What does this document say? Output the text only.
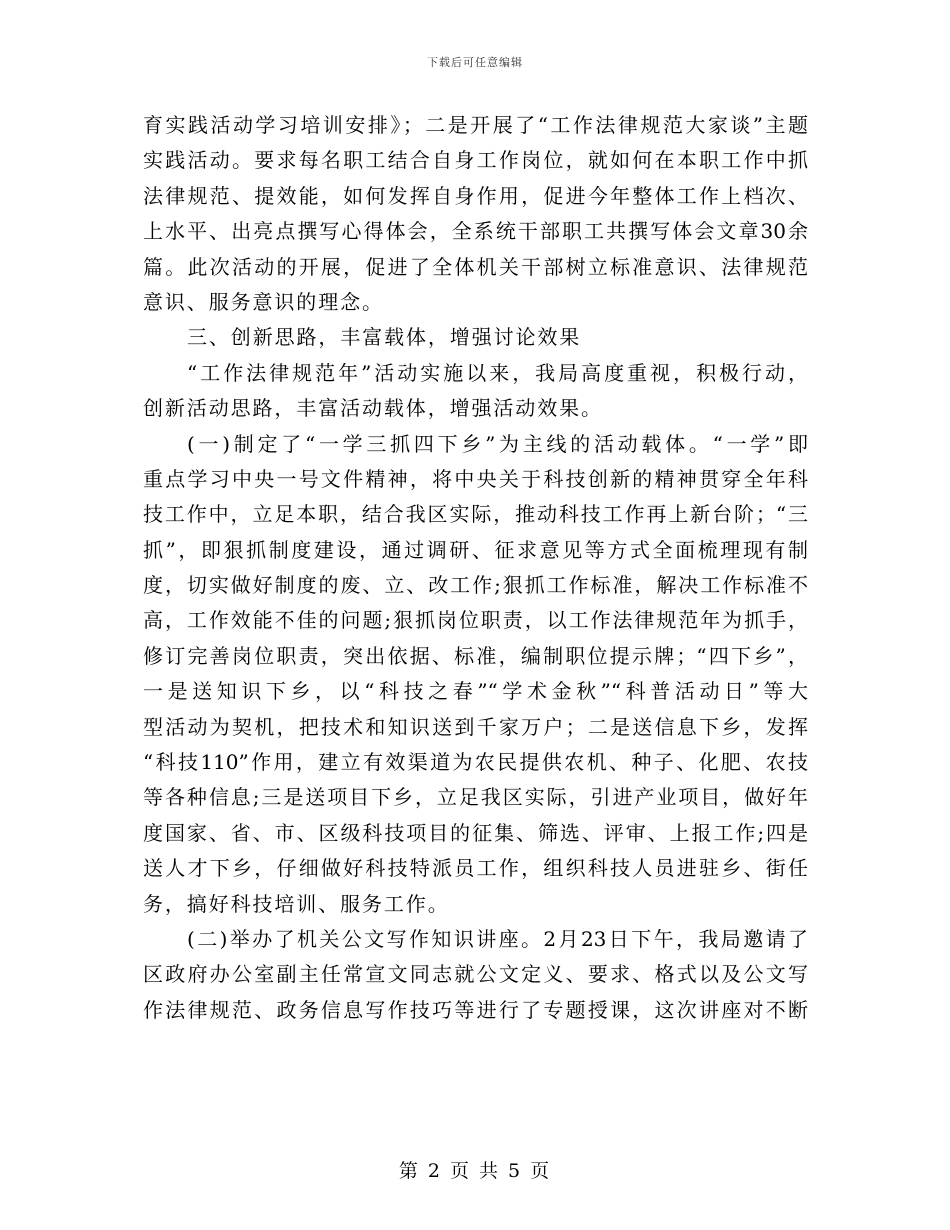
下载后可任意编辑
育实践活动学习培训安排》；二是开展了“工作法律规范大家谈”主题
实践活动。要求每名职工结合自身工作岗位，就如何在本职工作中抓
法律规范、提效能，如何发挥自身作用，促进今年整体工作上档次、
上水平、出亮点撰写心得体会，全系统干部职工共撰写体会文章30余
篇。此次活动的开展，促进了全体机关干部树立标准意识、法律规范
意识、服务意识的理念。
三、创新思路，丰富载体，增强讨论效果
“工作法律规范年”活动实施以来，我局高度重视，积极行动，
创新活动思路，丰富活动载体，增强活动效果。
(一)制定了“一学三抓四下乡”为主线的活动载体。“一学”即
重点学习中央一号文件精神，将中央关于科技创新的精神贯穿全年科
技工作中，立足本职，结合我区实际，推动科技工作再上新台阶；“三
抓”，即狠抓制度建设，通过调研、征求意见等方式全面梳理现有制
度，切实做好制度的废、立、改工作;狠抓工作标准，解决工作标准不
高，工作效能不佳的问题;狠抓岗位职责，以工作法律规范年为抓手，
修订完善岗位职责，突出依据、标准，编制职位提示牌；“四下乡”，
一是送知识下乡，以“科技之春”“学术金秋”“科普活动日”等大
型活动为契机，把技术和知识送到千家万户；二是送信息下乡，发挥
“科技110”作用，建立有效渠道为农民提供农机、种子、化肥、农技
等各种信息;三是送项目下乡，立足我区实际，引进产业项目，做好年
度国家、省、市、区级科技项目的征集、筛选、评审、上报工作;四是
送人才下乡，仔细做好科技特派员工作，组织科技人员进驻乡、街任
务，搞好科技培训、服务工作。
(二)举办了机关公文写作知识讲座。2月23日下午，我局邀请了
区政府办公室副主任常宣文同志就公文定义、要求、格式以及公文写
作法律规范、政务信息写作技巧等进行了专题授课，这次讲座对不断
第 2 页 共 5 页
